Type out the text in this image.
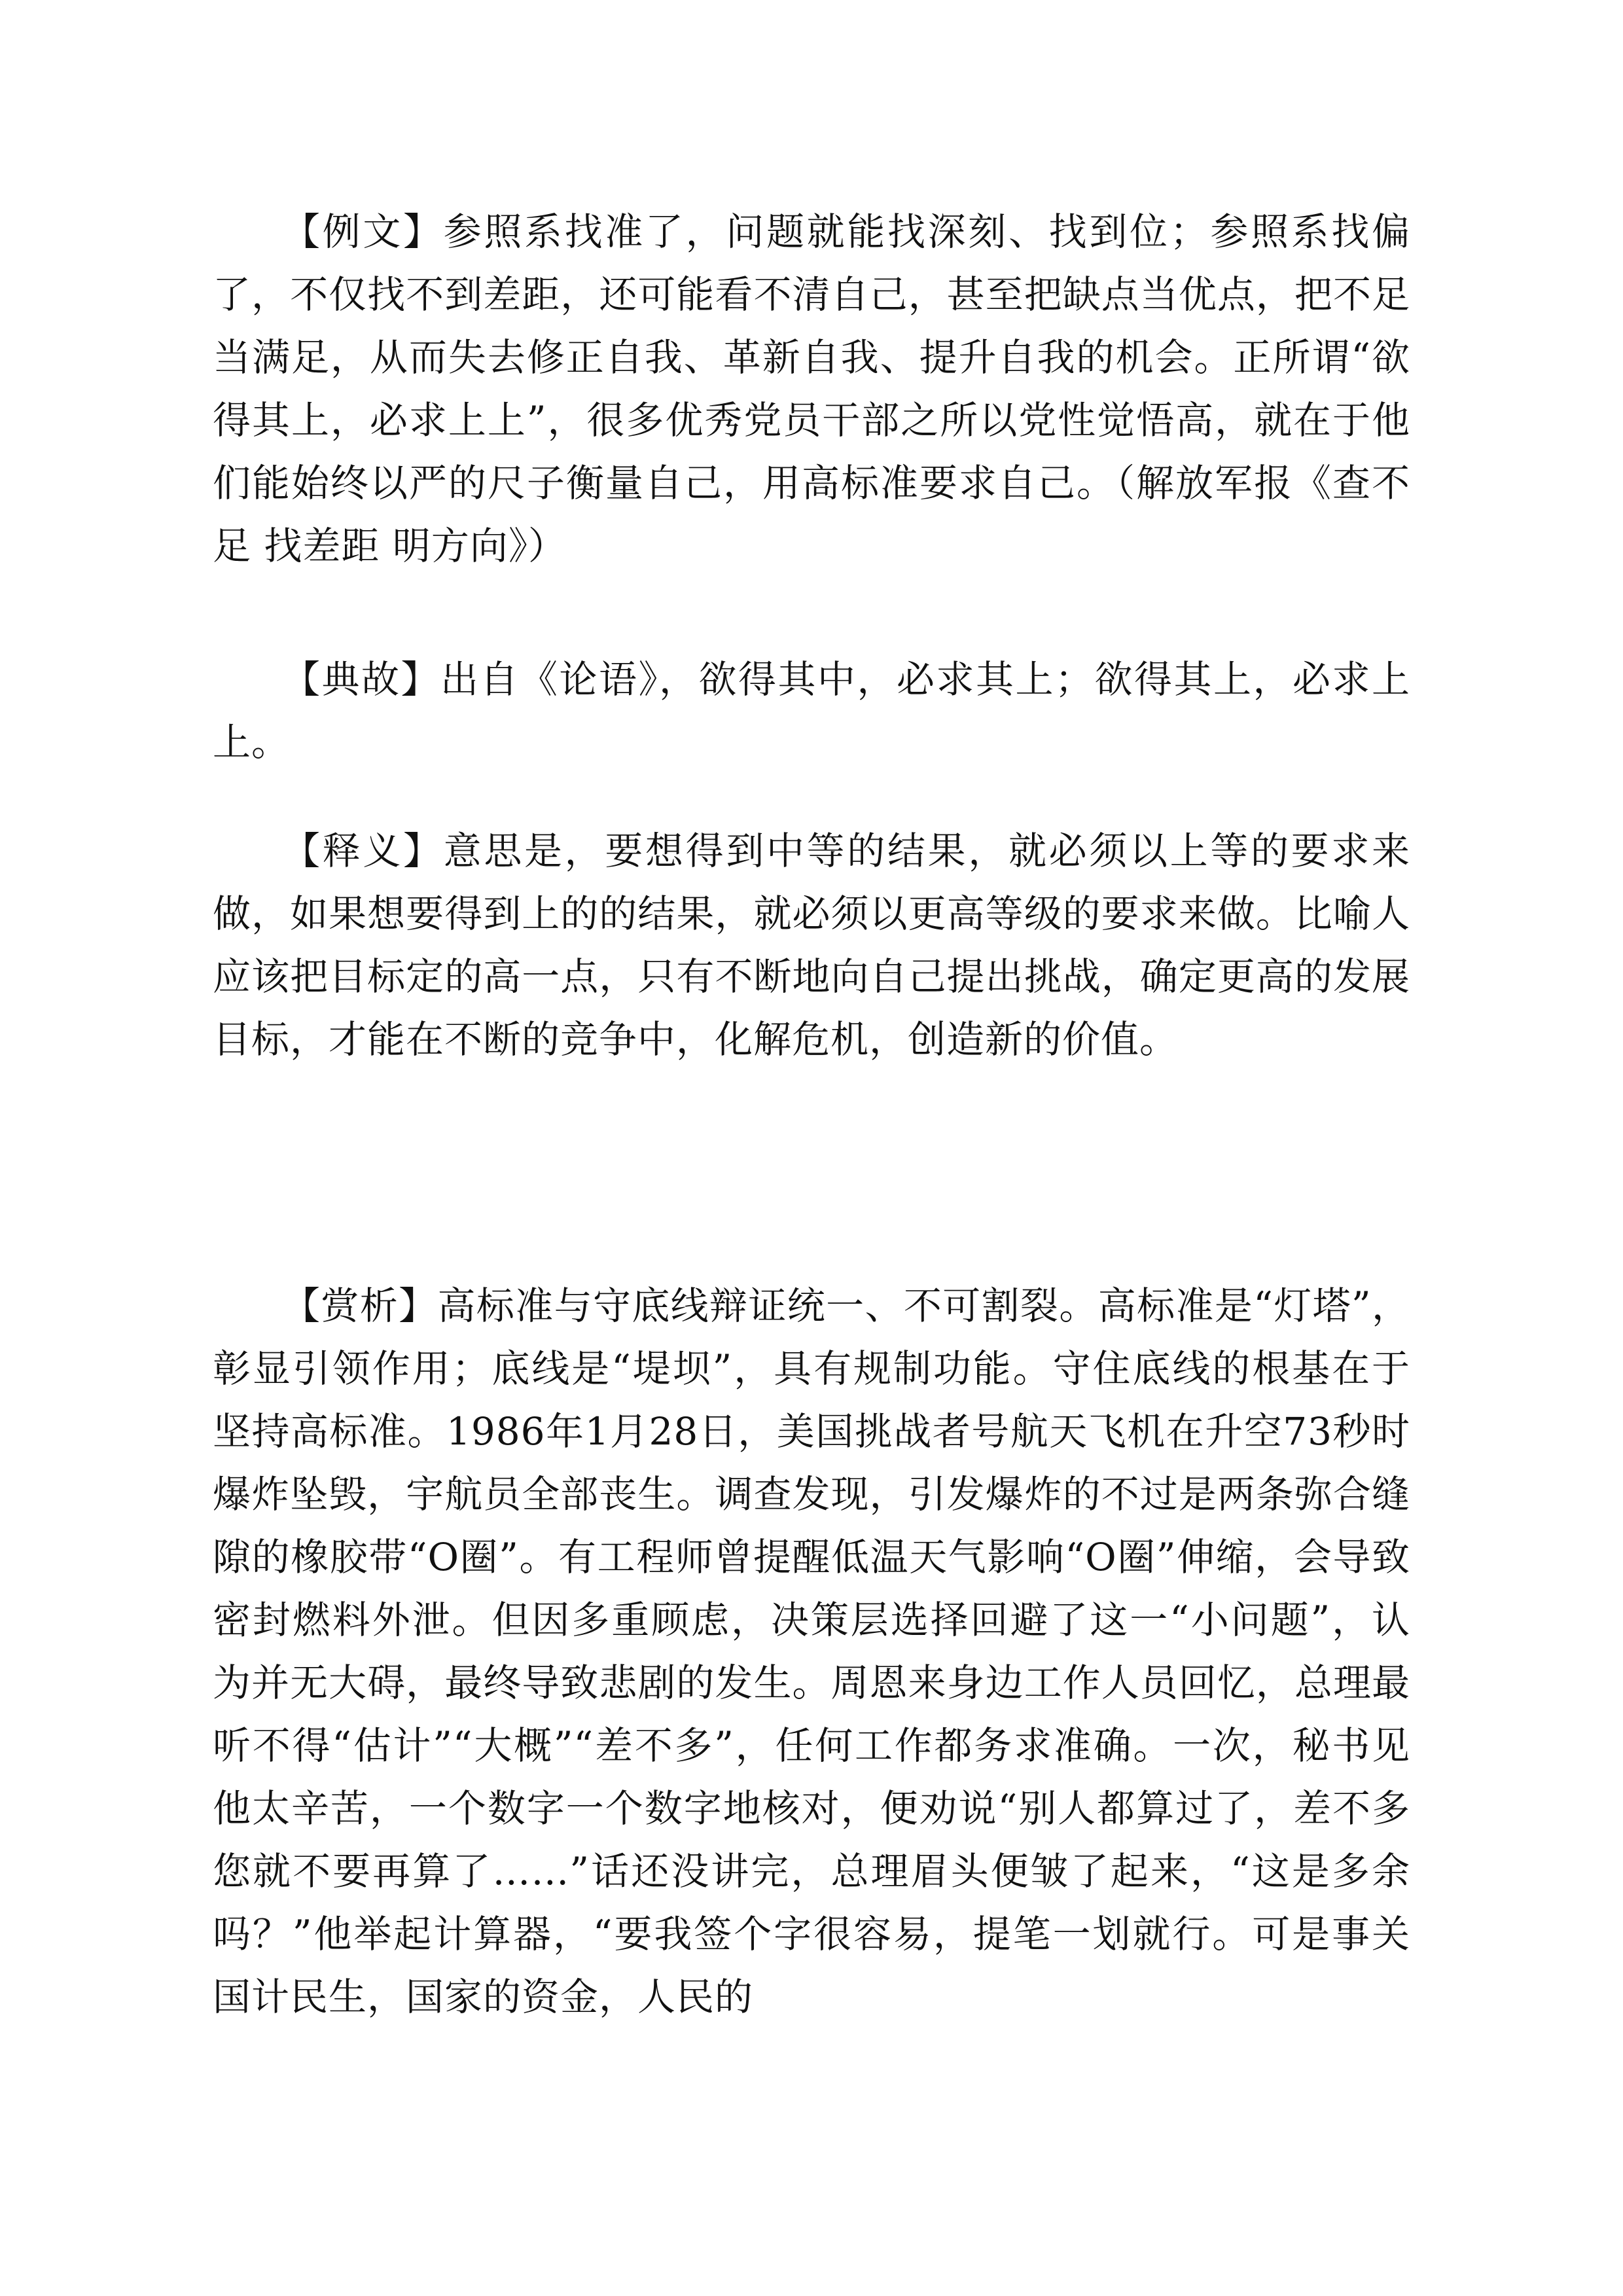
【例文】参照系找准了，问题就能找深刻、找到位；参照系找偏了，不仅找不到差距，还可能看不清自己，甚至把缺点当优点，把不足当满足，从而失去修正自我、革新自我、提升自我的机会。正所谓“欲得其上，必求上上”，很多优秀党员干部之所以党性觉悟高，就在于他们能始终以严的尺子衡量自己，用高标准要求自己。（解放军报《查不足 找差距 明方向》）

【典故】出自《论语》，欲得其中，必求其上；欲得其上，必求上上。

【释义】意思是，要想得到中等的结果，就必须以上等的要求来做，如果想要得到上的的结果，就必须以更高等级的要求来做。比喻人应该把目标定的高一点，只有不断地向自己提出挑战，确定更高的发展目标，才能在不断的竞争中，化解危机，创造新的价值。

【赏析】高标准与守底线辩证统一、不可割裂。高标准是“灯塔”，彰显引领作用；底线是“堤坝”，具有规制功能。守住底线的根基在于坚持高标准。1986年1月28日，美国挑战者号航天飞机在升空73秒时爆炸坠毁，宇航员全部丧生。调查发现，引发爆炸的不过是两条弥合缝隙的橡胶带“O圈”。有工程师曾提醒低温天气影响“O圈”伸缩，会导致密封燃料外泄。但因多重顾虑，决策层选择回避了这一“小问题”，认为并无大碍，最终导致悲剧的发生。周恩来身边工作人员回忆，总理最听不得“估计”“大概”“差不多”，任何工作都务求准确。一次，秘书见他太辛苦，一个数字一个数字地核对，便劝说“别人都算过了，差不多您就不要再算了……”话还没讲完，总理眉头便皱了起来，“这是多余吗？”他举起计算器，“要我签个字很容易，提笔一划就行。可是事关国计民生，国家的资金，人民的
